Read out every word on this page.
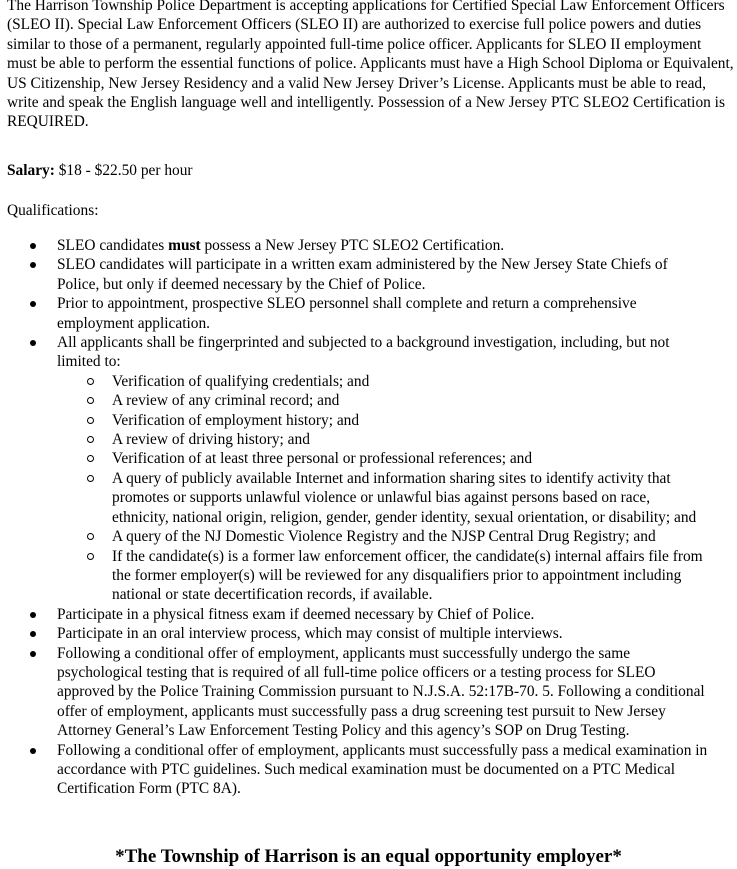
The Harrison Township Police Department is accepting applications for Certified Special Law Enforcement Officers (SLEO II). Special Law Enforcement Officers (SLEO II) are authorized to exercise full police powers and duties similar to those of a permanent, regularly appointed full-time police officer. Applicants for SLEO II employment must be able to perform the essential functions of police. Applicants must have a High School Diploma or Equivalent, US Citizenship, New Jersey Residency and a valid New Jersey Driver’s License. Applicants must be able to read, write and speak the English language well and intelligently. Possession of a New Jersey PTC SLEO2 Certification is REQUIRED.

Salary: $18 - $22.50 per hour

Qualifications:

SLEO candidates must possess a New Jersey PTC SLEO2 Certification.
SLEO candidates will participate in a written exam administered by the New Jersey State Chiefs of Police, but only if deemed necessary by the Chief of Police.
Prior to appointment, prospective SLEO personnel shall complete and return a comprehensive employment application.
All applicants shall be fingerprinted and subjected to a background investigation, including, but not limited to:
Verification of qualifying credentials; and
A review of any criminal record; and
Verification of employment history; and
A review of driving history; and
Verification of at least three personal or professional references; and
A query of publicly available Internet and information sharing sites to identify activity that promotes or supports unlawful violence or unlawful bias against persons based on race, ethnicity, national origin, religion, gender, gender identity, sexual orientation, or disability; and
A query of the NJ Domestic Violence Registry and the NJSP Central Drug Registry; and
If the candidate(s) is a former law enforcement officer, the candidate(s) internal affairs file from the former employer(s) will be reviewed for any disqualifiers prior to appointment including national or state decertification records, if available.
Participate in a physical fitness exam if deemed necessary by Chief of Police.
Participate in an oral interview process, which may consist of multiple interviews.
Following a conditional offer of employment, applicants must successfully undergo the same psychological testing that is required of all full-time police officers or a testing process for SLEO approved by the Police Training Commission pursuant to N.J.S.A. 52:17B-70. 5. Following a conditional offer of employment, applicants must successfully pass a drug screening test pursuit to New Jersey Attorney General’s Law Enforcement Testing Policy and this agency’s SOP on Drug Testing.
Following a conditional offer of employment, applicants must successfully pass a medical examination in accordance with PTC guidelines. Such medical examination must be documented on a PTC Medical Certification Form (PTC 8A).

*The Township of Harrison is an equal opportunity employer*
